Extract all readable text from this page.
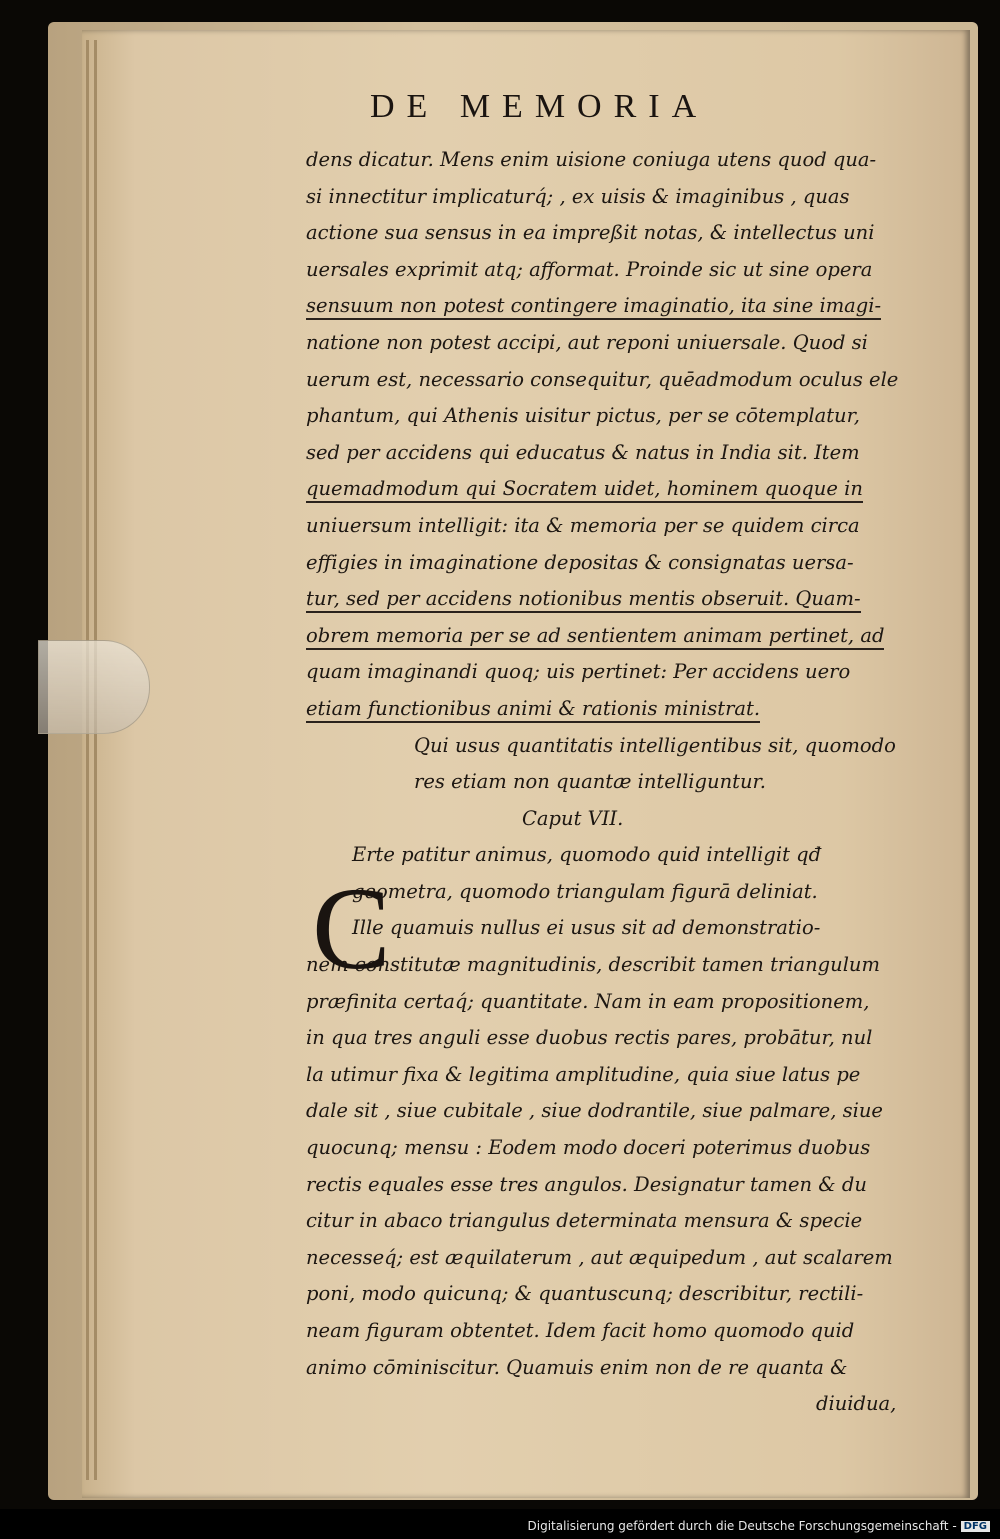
DE MEMORIA
dens dicatur. Mens enim uisione coniuga utens quod qua-
si innectitur implicaturq́; , ex uisis & imaginibus , quas
actione sua sensus in ea impreßit notas, & intellectus uni
uersales exprimit atq; afformat. Proinde sic ut sine opera
sensuum non potest contingere imaginatio, ita sine imagi-
natione non potest accipi, aut reponi uniuersale. Quod si
uerum est, necessario consequitur, quēadmodum oculus ele
phantum, qui Athenis uisitur pictus, per se cōtemplatur,
sed per accidens qui educatus & natus in India sit. Item
quemadmodum qui Socratem uidet, hominem quoque in
uniuersum intelligit: ita & memoria per se quidem circa
effigies in imaginatione depositas & consignatas uersa-
tur, sed per accidens notionibus mentis obseruit. Quam-
obrem memoria per se ad sentientem animam pertinet, ad
quam imaginandi quoq; uis pertinet: Per accidens uero
etiam functionibus animi & rationis ministrat.
Qui usus quantitatis intelligentibus sit, quomodo
res etiam non quantæ intelliguntur.
Caput VII.
Erte patitur animus, quomodo quid intelligit qđ
geometra, quomodo triangulam figurā deliniat.
Ille quamuis nullus ei usus sit ad demonstratio-
nem constitutæ magnitudinis, describit tamen triangulum
præfinita certaq́; quantitate. Nam in eam propositionem,
in qua tres anguli esse duobus rectis pares, probātur, nul
la utimur fixa & legitima amplitudine, quia siue latus pe
dale sit , siue cubitale , siue dodrantile, siue palmare, siue
quocunq; mensu : Eodem modo doceri poterimus duobus
rectis equales esse tres angulos. Designatur tamen & du
citur in abaco triangulus determinata mensura & specie
necesseq́; est æquilaterum , aut æquipedum , aut scalarem
poni, modo quicunq; & quantuscunq; describitur, rectili-
neam figuram obtentet. Idem facit homo quomodo quid
animo cōminiscitur. Quamuis enim non de re quanta &
diuidua,
C
Digitalisierung gefördert durch die Deutsche Forschungsgemeinschaft - DFG
